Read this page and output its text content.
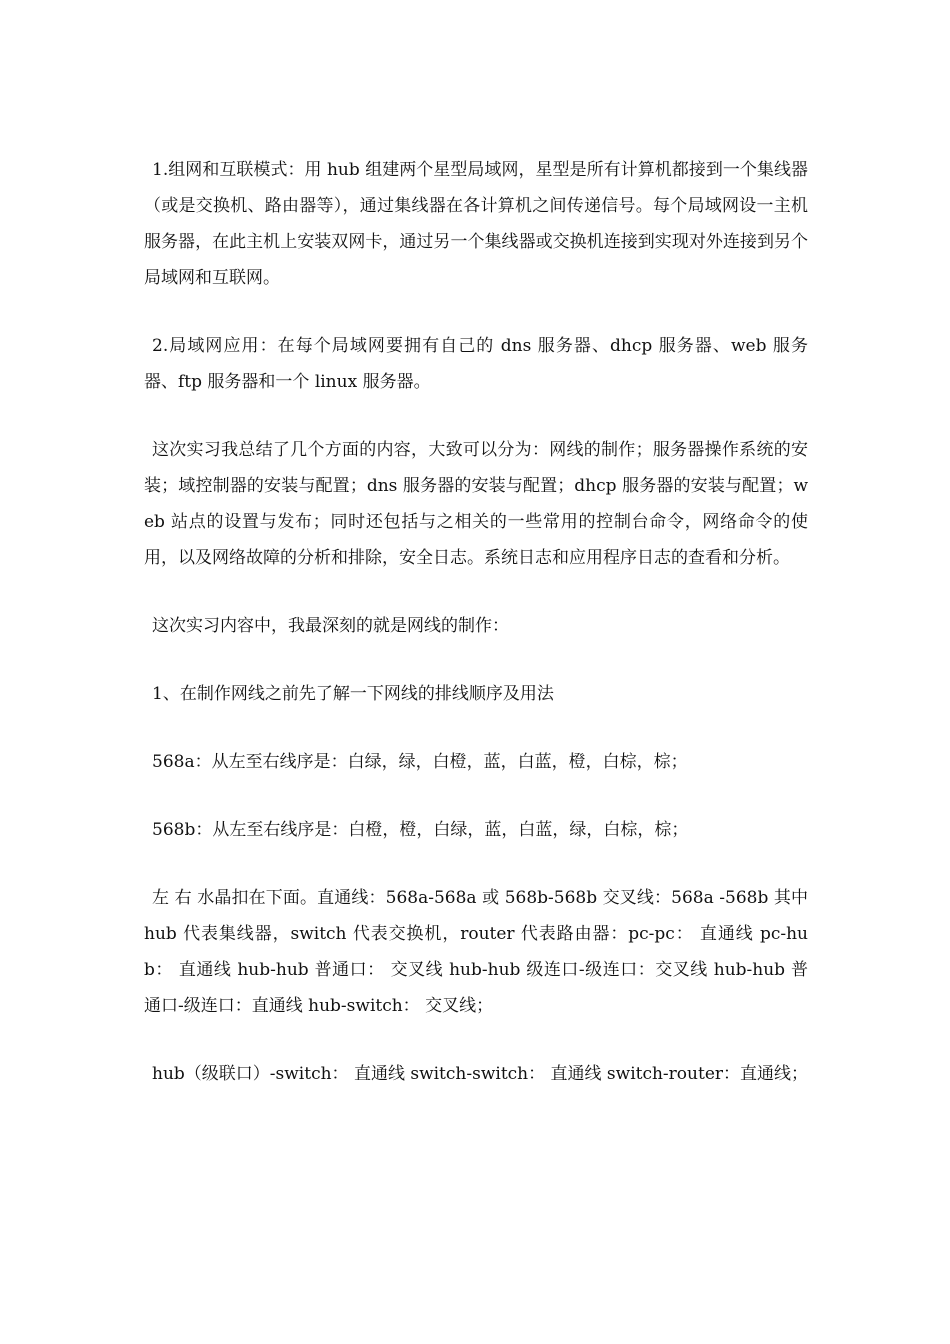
1.组网和互联模式：用 hub 组建两个星型局域网，星型是所有计算机都接到一个集线器（或是交换机、路由器等），通过集线器在各计算机之间传递信号。每个局域网设一主机服务器，在此主机上安装双网卡，通过另一个集线器或交换机连接到实现对外连接到另个局域网和互联网。

2.局域网应用：在每个局域网要拥有自己的 dns 服务器、dhcp 服务器、web 服务器、ftp 服务器和一个 linux 服务器。

这次实习我总结了几个方面的内容，大致可以分为：网线的制作；服务器操作系统的安装；域控制器的安装与配置；dns 服务器的安装与配置；dhcp 服务器的安装与配置；web 站点的设置与发布；同时还包括与之相关的一些常用的控制台命令，网络命令的使用，以及网络故障的分析和排除，安全日志。系统日志和应用程序日志的查看和分析。

这次实习内容中，我最深刻的就是网线的制作：

1、在制作网线之前先了解一下网线的排线顺序及用法

568a：从左至右线序是：白绿，绿，白橙，蓝，白蓝，橙，白棕，棕；

568b：从左至右线序是：白橙，橙，白绿，蓝，白蓝，绿，白棕，棕；

左 右 水晶扣在下面。直通线：568a-568a 或 568b-568b 交叉线：568a -568b 其中 hub 代表集线器，switch 代表交换机，router 代表路由器：pc-pc： 直通线 pc-hub： 直通线 hub-hub 普通口： 交叉线 hub-hub 级连口-级连口：交叉线 hub-hub 普通口-级连口：直通线 hub-switch： 交叉线；

hub（级联口）-switch： 直通线 switch-switch： 直通线 switch-router：直通线；
